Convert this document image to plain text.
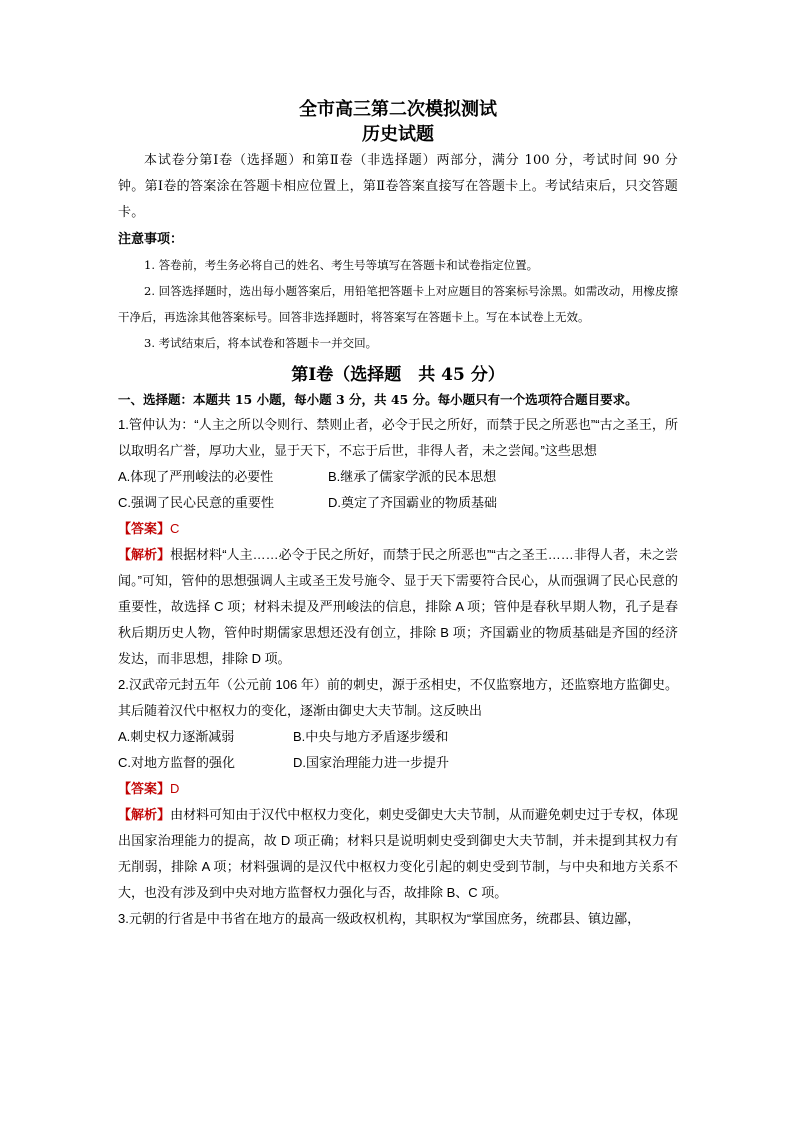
全市高三第二次模拟测试

历史试题

本试卷分第Ⅰ卷（选择题）和第Ⅱ卷（非选择题）两部分，满分 100 分，考试时间 90 分钟。第Ⅰ卷的答案涂在答题卡相应位置上，第Ⅱ卷答案直接写在答题卡上。考试结束后，只交答题卡。

注意事项：

1. 答卷前，考生务必将自己的姓名、考生号等填写在答题卡和试卷指定位置。

2. 回答选择题时，选出每小题答案后，用铅笔把答题卡上对应题目的答案标号涂黑。如需改动，用橡皮擦干净后，再选涂其他答案标号。回答非选择题时，将答案写在答题卡上。写在本试卷上无效。

3. 考试结束后，将本试卷和答题卡一并交回。

第Ⅰ卷（选择题　共 45 分）

一、选择题：本题共 15 小题，每小题 3 分，共 45 分。每小题只有一个选项符合题目要求。

1.管仲认为：“人主之所以令则行、禁则止者，必令于民之所好，而禁于民之所恶也”“古之圣王，所以取明名广誉，厚功大业，显于天下，不忘于后世，非得人者，未之尝闻。”这些思想

A.体现了严刑峻法的必要性	B.继承了儒家学派的民本思想
C.强调了民心民意的重要性	D.奠定了齐国霸业的物质基础

【答案】C

【解析】根据材料“人主……必令于民之所好，而禁于民之所恶也”“古之圣王……非得人者，未之尝闻。”可知，管仲的思想强调人主或圣王发号施令、显于天下需要符合民心，从而强调了民心民意的重要性，故选择 C 项；材料未提及严刑峻法的信息，排除 A 项；管仲是春秋早期人物，孔子是春秋后期历史人物，管仲时期儒家思想还没有创立，排除 B 项；齐国霸业的物质基础是齐国的经济发达，而非思想，排除 D 项。

2.汉武帝元封五年（公元前 106 年）前的刺史，源于丞相史，不仅监察地方，还监察地方监御史。其后随着汉代中枢权力的变化，逐渐由御史大夫节制。这反映出

A.刺史权力逐渐减弱	B.中央与地方矛盾逐步缓和
C.对地方监督的强化	D.国家治理能力进一步提升

【答案】D

【解析】由材料可知由于汉代中枢权力变化，刺史受御史大夫节制，从而避免刺史过于专权，体现出国家治理能力的提高，故 D 项正确；材料只是说明刺史受到御史大夫节制，并未提到其权力有无削弱，排除 A 项；材料强调的是汉代中枢权力变化引起的刺史受到节制，与中央和地方关系不大，也没有涉及到中央对地方监督权力强化与否，故排除 B、C 项。

3.元朝的行省是中书省在地方的最高一级政权机构，其职权为“掌国庶务，统郡县、镇边鄙，
